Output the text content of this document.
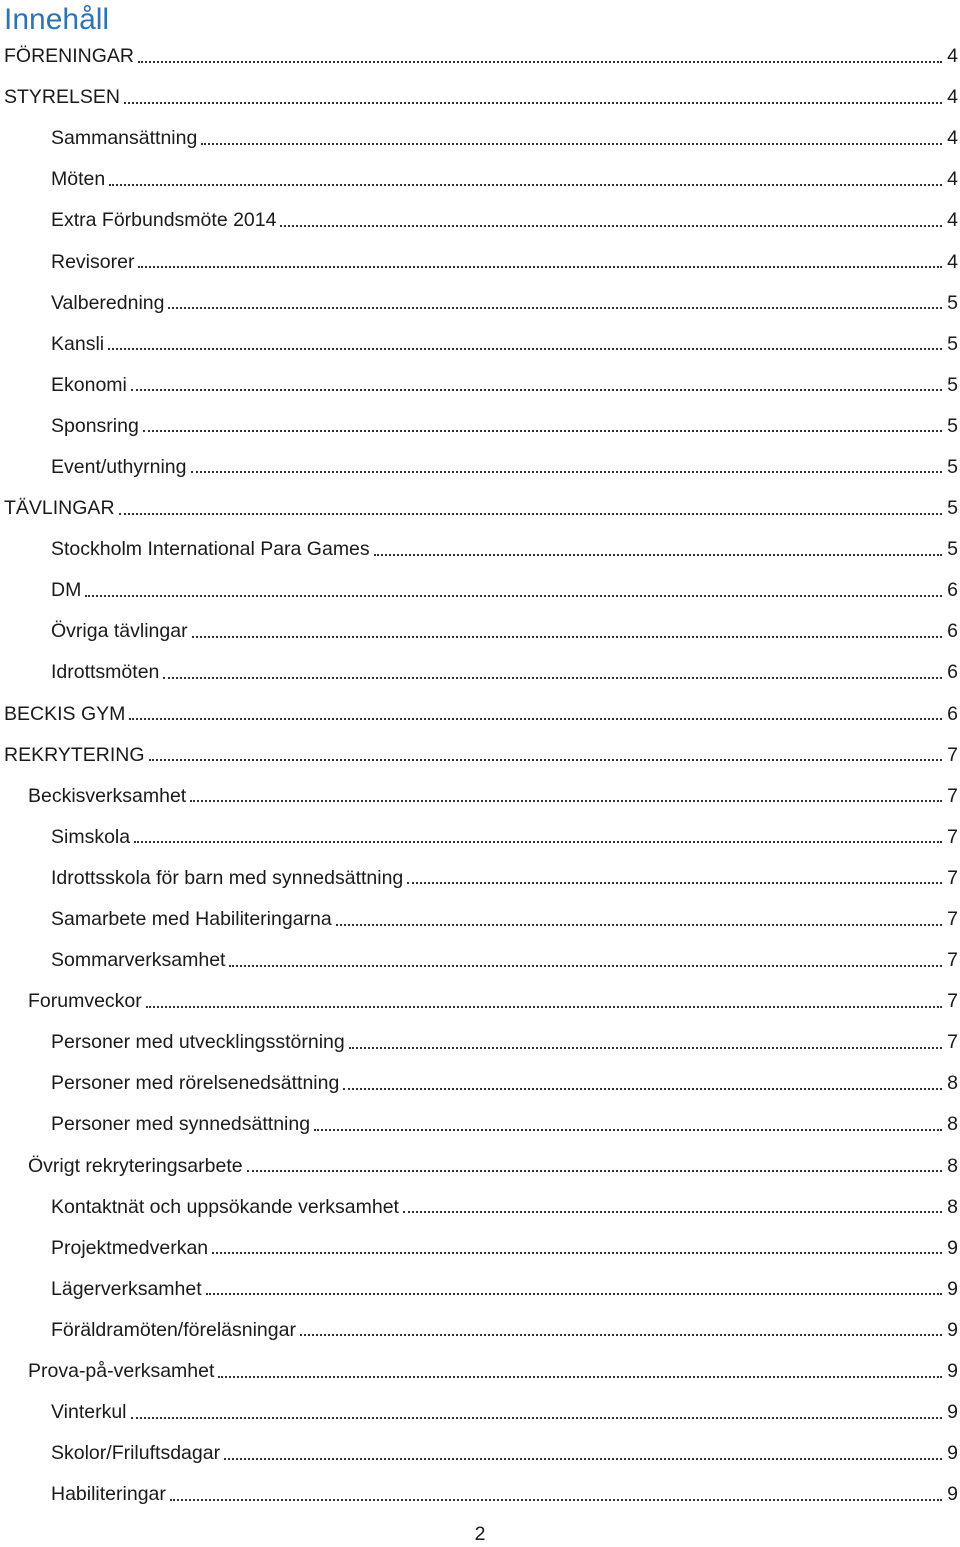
Innehåll
FÖRENINGAR	4
STYRELSEN	4
Sammansättning	4
Möten	4
Extra Förbundsmöte 2014	4
Revisorer	4
Valberedning	5
Kansli	5
Ekonomi	5
Sponsring	5
Event/uthyrning	5
TÄVLINGAR	5
Stockholm International Para Games	5
DM	6
Övriga tävlingar	6
Idrottsmöten	6
BECKIS GYM	6
REKRYTERING	7
Beckisverksamhet	7
Simskola	7
Idrottsskola för barn med synnedsättning	7
Samarbete med Habiliteringarna	7
Sommarverksamhet	7
Forumveckor	7
Personer med utvecklingsstörning	7
Personer med rörelsenedsättning	8
Personer med synnedsättning	8
Övrigt rekryteringsarbete	8
Kontaktnät och uppsökande verksamhet	8
Projektmedverkan	9
Lägerverksamhet	9
Föräldramöten/föreläsningar	9
Prova-på-verksamhet	9
Vinterkul	9
Skolor/Friluftsdagar	9
Habiliteringar	9
2
